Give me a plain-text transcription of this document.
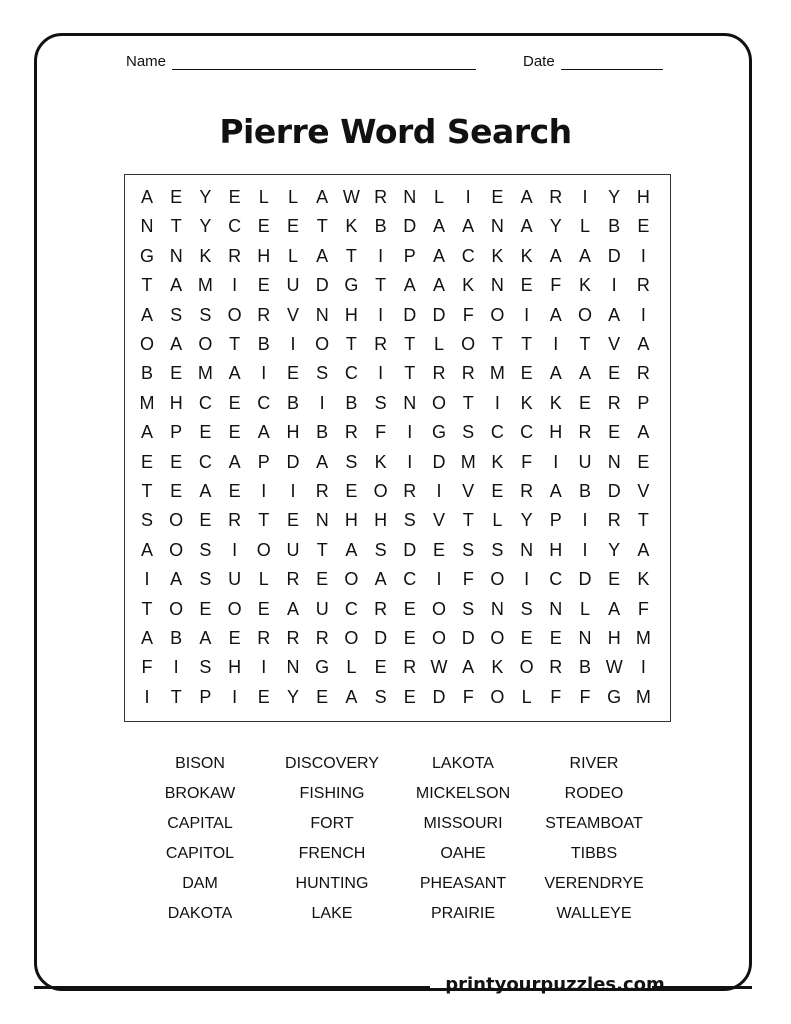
Name	Date
Pierre Word Search
A E Y E	L	L	A W R N L	I	E A R	I	Y H
N T Y C E E T K B D A A N A Y	L	B E
G N K R H L	A T	I	P A C K K A A D	I
T A M	I	E U D G T A A K N E F K	I	R
A S S O R V N H	I	D D F O	I	A O A	I
O A O T B	I	O T R T	L O T	T	I	T V A
B E M A	I	E S C	I	T R R M E A A E R
M H C E C B	I	B S N O T	I	K K E R P
A P E E A H B R F	I	G S C C H R E A
E E C A P D A S K	I	D M K F	I	U N E
T E A E	I	I	R E O R	I	V E R A B D V
S O E R T E N H H S V T	L	Y P	I	R T
A O S	I	O U T A S D E S S N H	I	Y A
I	A S U L R E O A C	I	F O	I	C D E K
T O E O E A U C R E O S N S N L	A F
A B A E R R R O D E O D O E E N H M
F	I	S H	I	N G L	E R W A K O R B W	I
I	T P	I	E Y E A S E D F O L	F	F G M
BISON	DISCOVERY	LAKOTA	RIVER
BROKAW	FISHING	MICKELSON	RODEO
CAPITAL	FORT	MISSOURI	STEAMBOAT
CAPITOL	FRENCH	OAHE	TIBBS
DAM	HUNTING	PHEASANT	VERENDRYE
DAKOTA	LAKE	PRAIRIE	WALLEYE
printyourpuzzles.com
